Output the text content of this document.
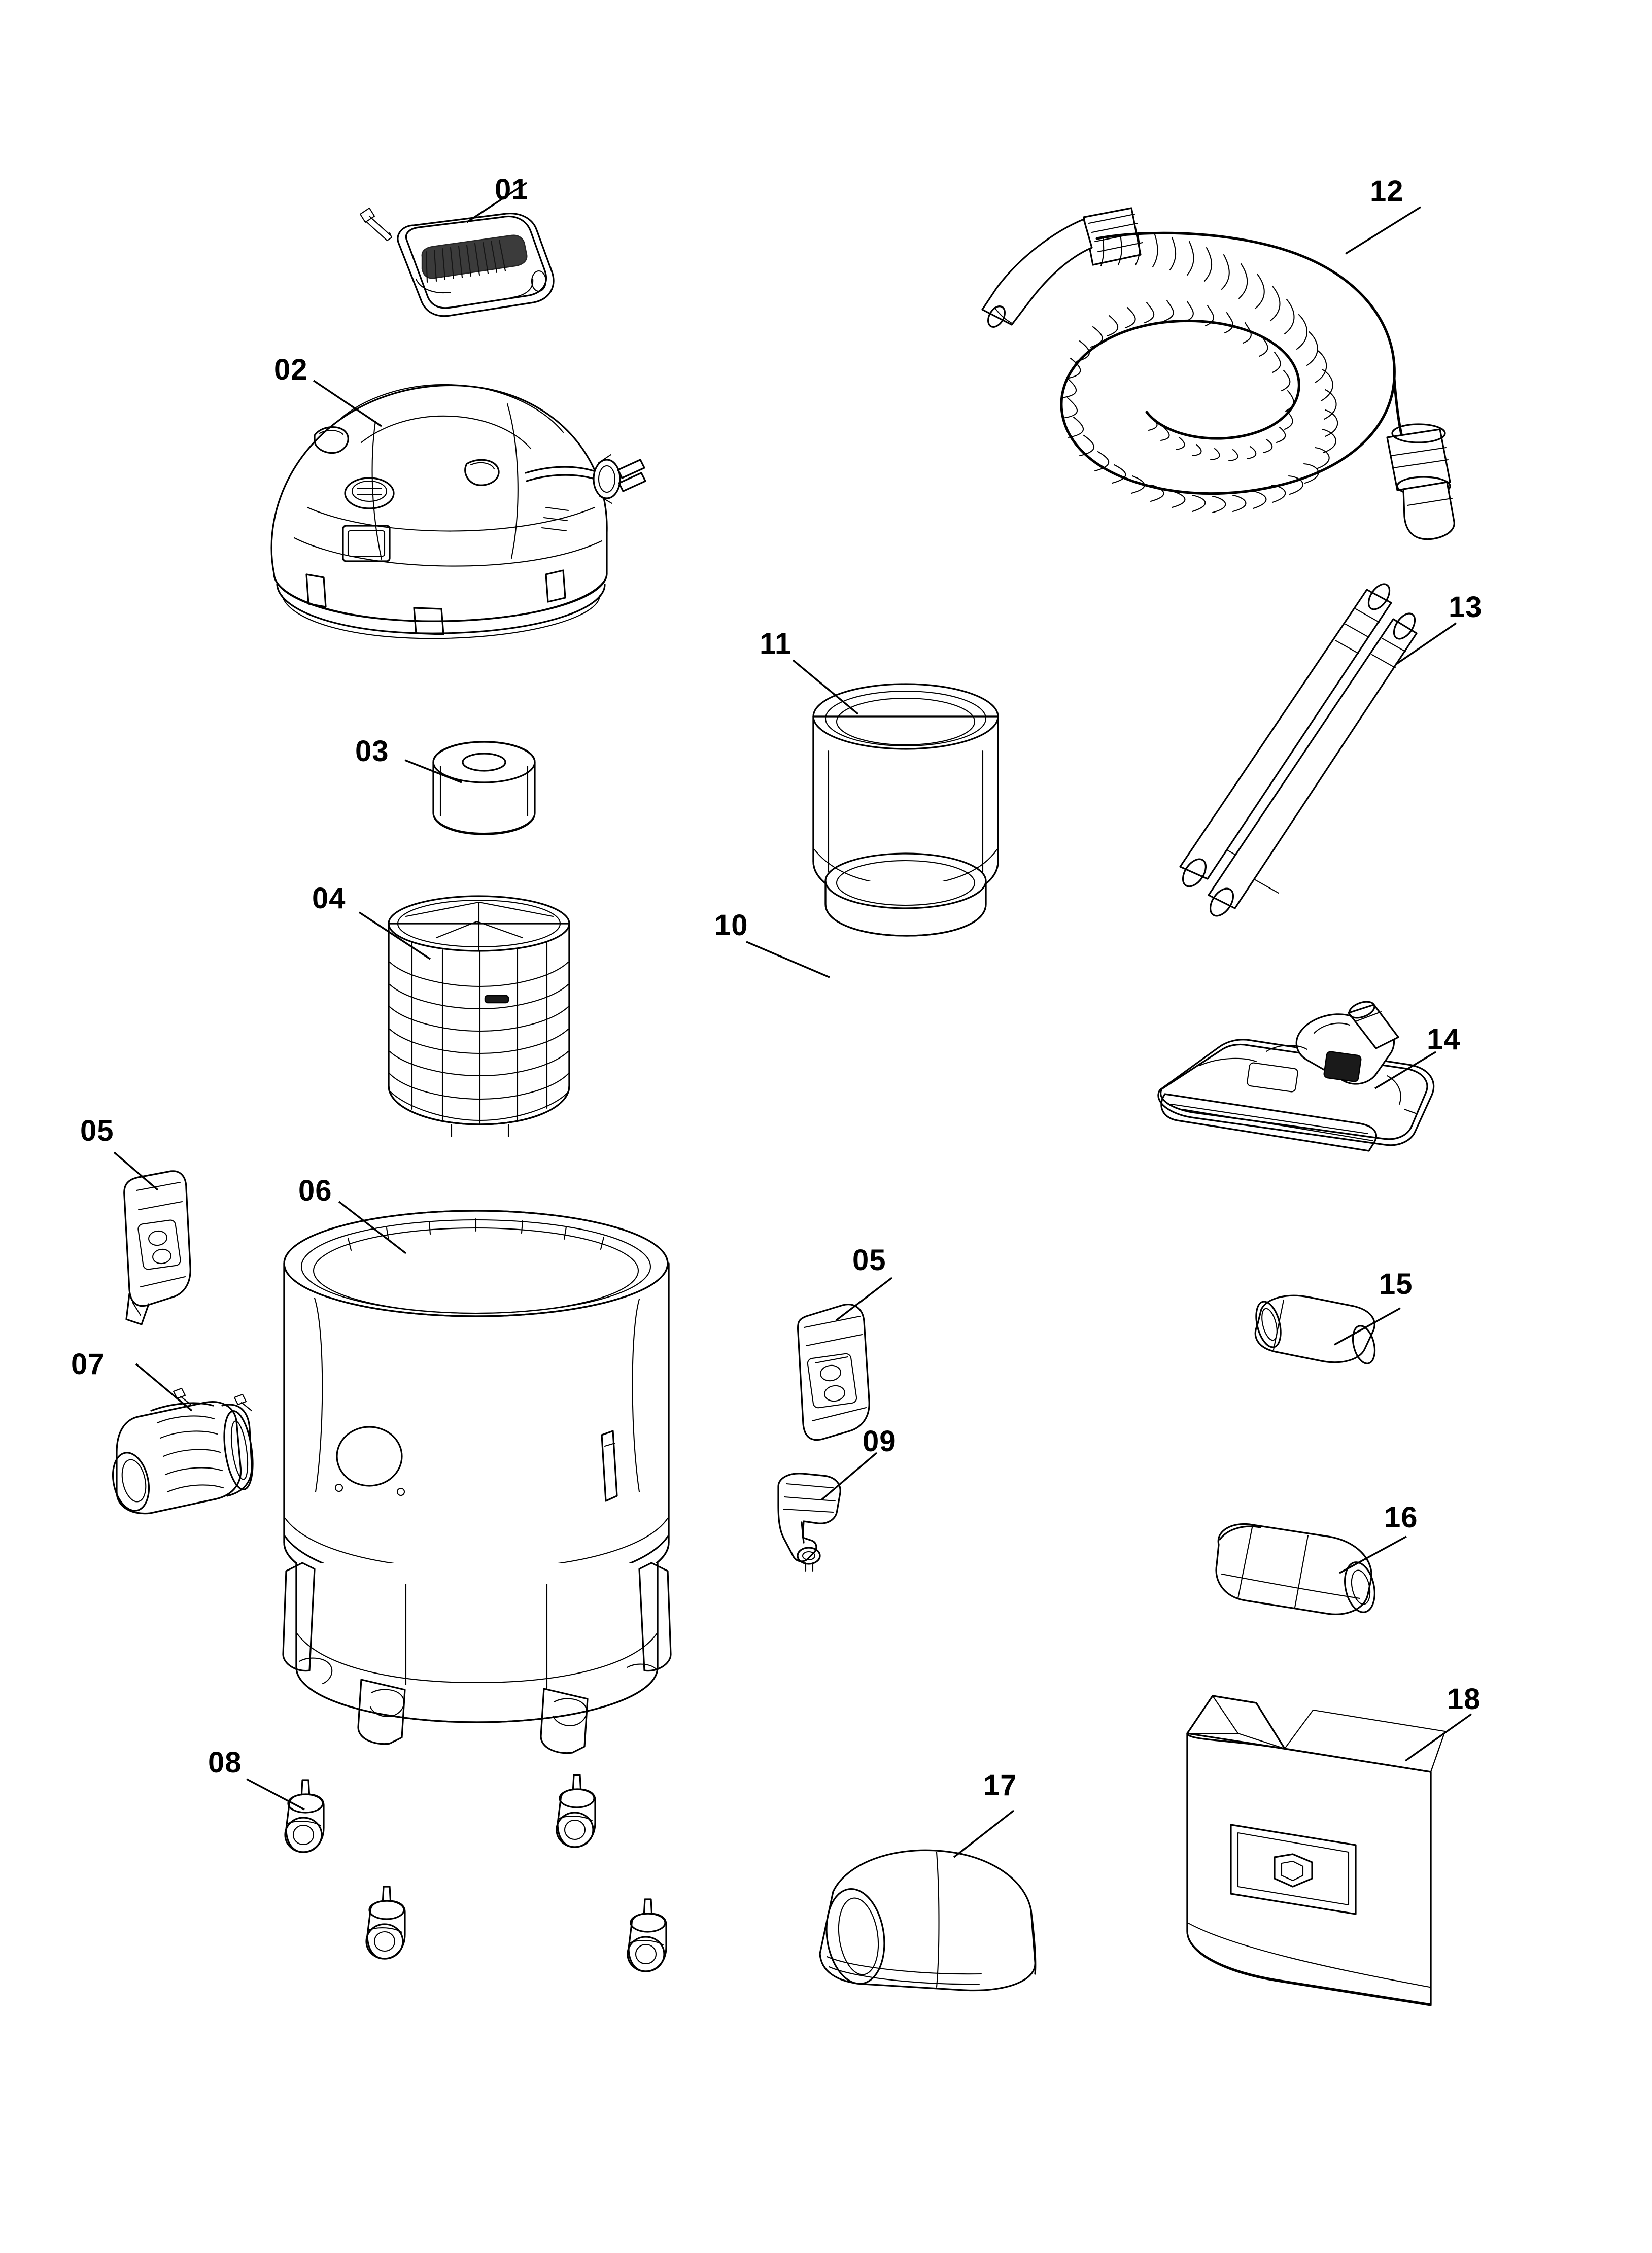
01
02
03
04
05
06
07
08
09
11
10
12
13
14
15
16
17
18
05
